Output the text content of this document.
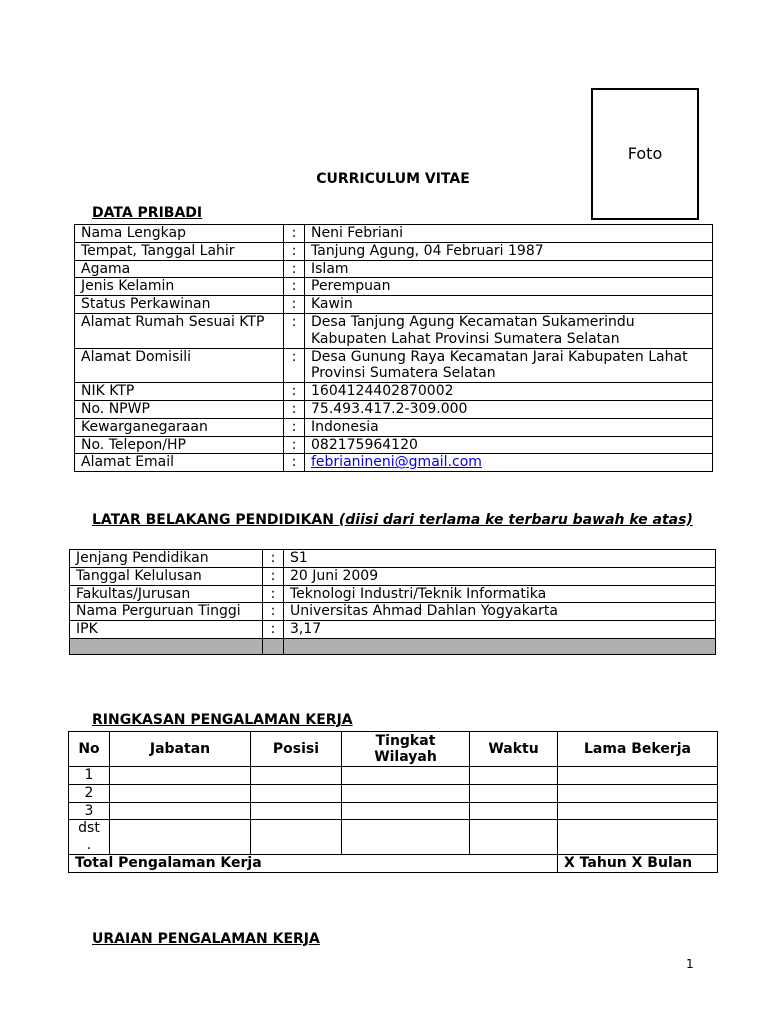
Foto
CURRICULUM VITAE
DATA PRIBADI
Nama Lengkap	:	Neni Febriani
Tempat, Tanggal Lahir	:	Tanjung Agung, 04 Februari 1987
Agama	:	Islam
Jenis Kelamin	:	Perempuan
Status Perkawinan	:	Kawin
Alamat Rumah Sesuai KTP	:	Desa Tanjung Agung Kecamatan Sukamerindu Kabupaten Lahat Provinsi Sumatera Selatan
Alamat Domisili	:	Desa Gunung Raya Kecamatan Jarai Kabupaten Lahat Provinsi Sumatera Selatan
NIK KTP	:	1604124402870002
No. NPWP	:	75.493.417.2-309.000
Kewarganegaraan	:	Indonesia
No. Telepon/HP	:	082175964120
Alamat Email	:	febrianineni@gmail.com
LATAR BELAKANG PENDIDIKAN (diisi dari terlama ke terbaru bawah ke atas)
Jenjang Pendidikan	:	S1
Tanggal Kelulusan	:	20 Juni 2009
Fakultas/Jurusan	:	Teknologi Industri/Teknik Informatika
Nama Perguruan Tinggi	:	Universitas Ahmad Dahlan Yogyakarta
IPK	:	3,17

RINGKASAN PENGALAMAN KERJA
No	Jabatan	Posisi	Tingkat Wilayah	Waktu	Lama Bekerja
1					
2					
3					
dst .					
Total Pengalaman Kerja					X Tahun X Bulan
URAIAN PENGALAMAN KERJA
1
